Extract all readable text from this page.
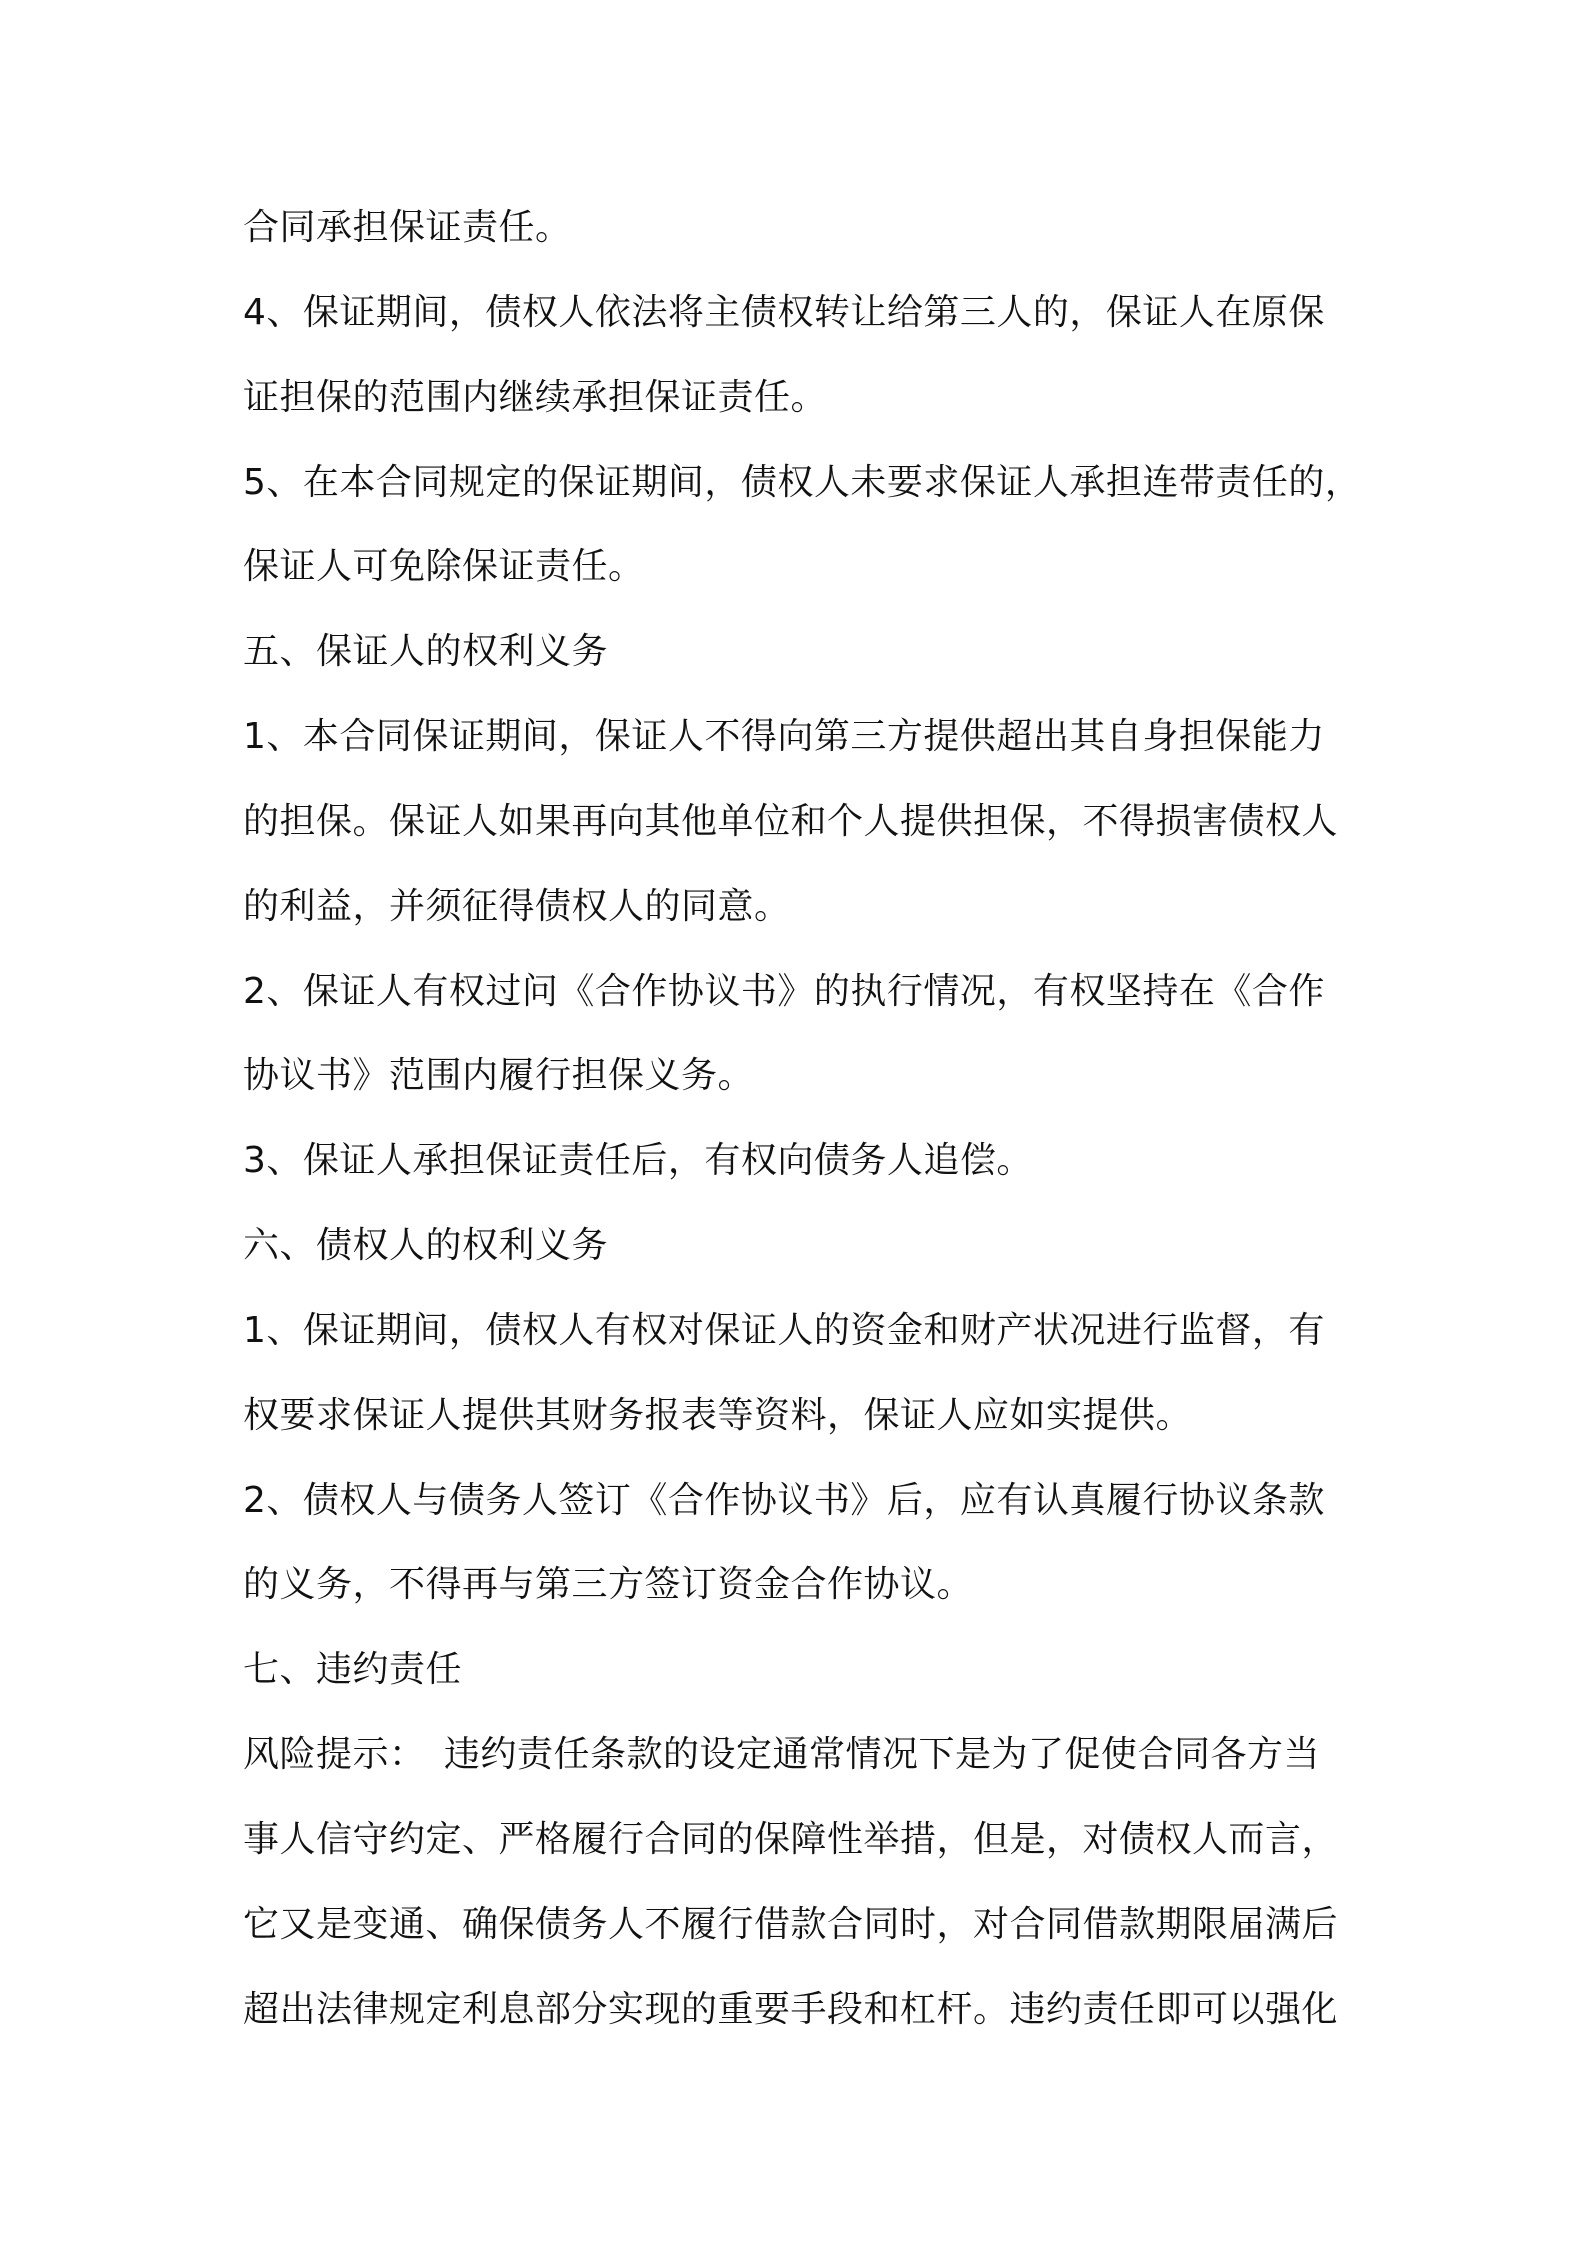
合同承担保证责任。
4、保证期间，债权人依法将主债权转让给第三人的，保证人在原保
证担保的范围内继续承担保证责任。
5、在本合同规定的保证期间，债权人未要求保证人承担连带责任的，
保证人可免除保证责任。
五、保证人的权利义务
1、本合同保证期间，保证人不得向第三方提供超出其自身担保能力
的担保。保证人如果再向其他单位和个人提供担保，不得损害债权人
的利益，并须征得债权人的同意。
2、保证人有权过问《合作协议书》的执行情况，有权坚持在《合作
协议书》范围内履行担保义务。
3、保证人承担保证责任后，有权向债务人追偿。
六、债权人的权利义务
1、保证期间，债权人有权对保证人的资金和财产状况进行监督，有
权要求保证人提供其财务报表等资料，保证人应如实提供。
2、债权人与债务人签订《合作协议书》后，应有认真履行协议条款
的义务，不得再与第三方签订资金合作协议。
七、违约责任
风险提示：　违约责任条款的设定通常情况下是为了促使合同各方当
事人信守约定、严格履行合同的保障性举措，但是，对债权人而言，
它又是变通、确保债务人不履行借款合同时，对合同借款期限届满后
超出法律规定利息部分实现的重要手段和杠杆。违约责任即可以强化
